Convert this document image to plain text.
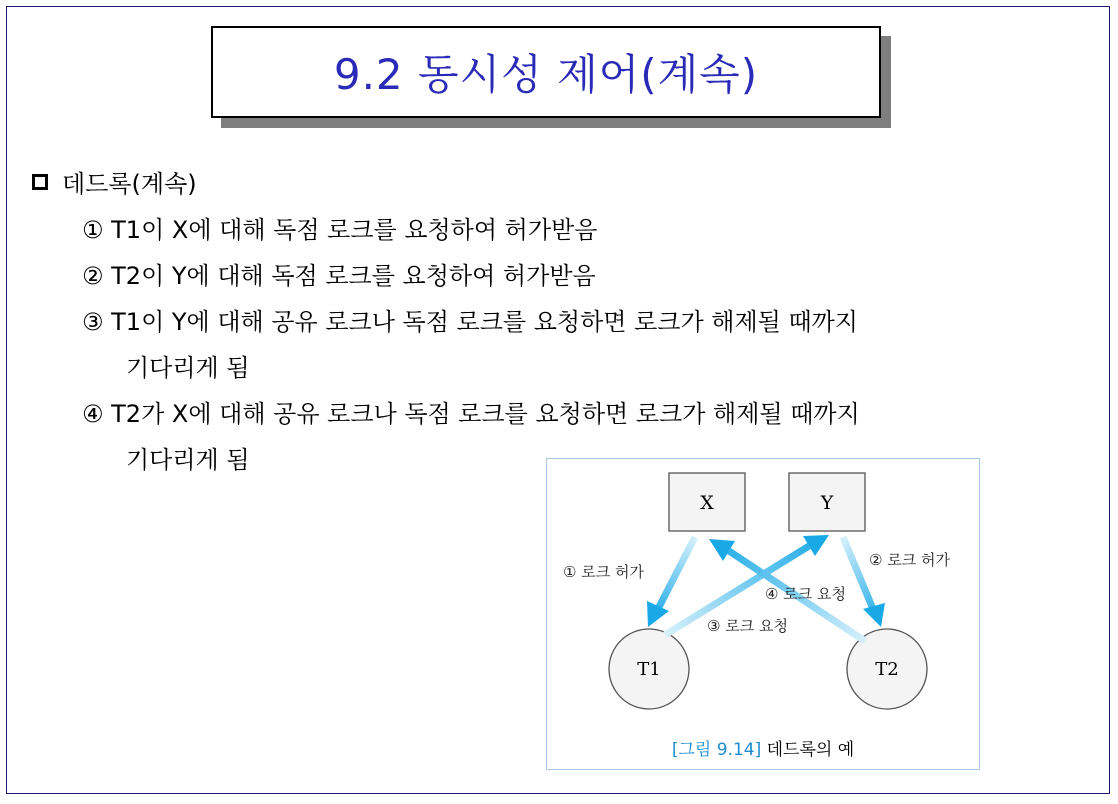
9.2 동시성 제어(계속)
데드록(계속)
① T1이 X에 대해 독점 로크를 요청하여 허가받음
② T2이 Y에 대해 독점 로크를 요청하여 허가받음
③ T1이 Y에 대해 공유 로크나 독점 로크를 요청하면 로크가 해제될 때까지
기다리게 됨
④ T2가 X에 대해 공유 로크나 독점 로크를 요청하면 로크가 해제될 때까지
기다리게 됨
X	Y
T1	T2
① 로크 허가
② 로크 허가
④ 로크 요청
③ 로크 요청
[그림 9.14] 데드록의 예
